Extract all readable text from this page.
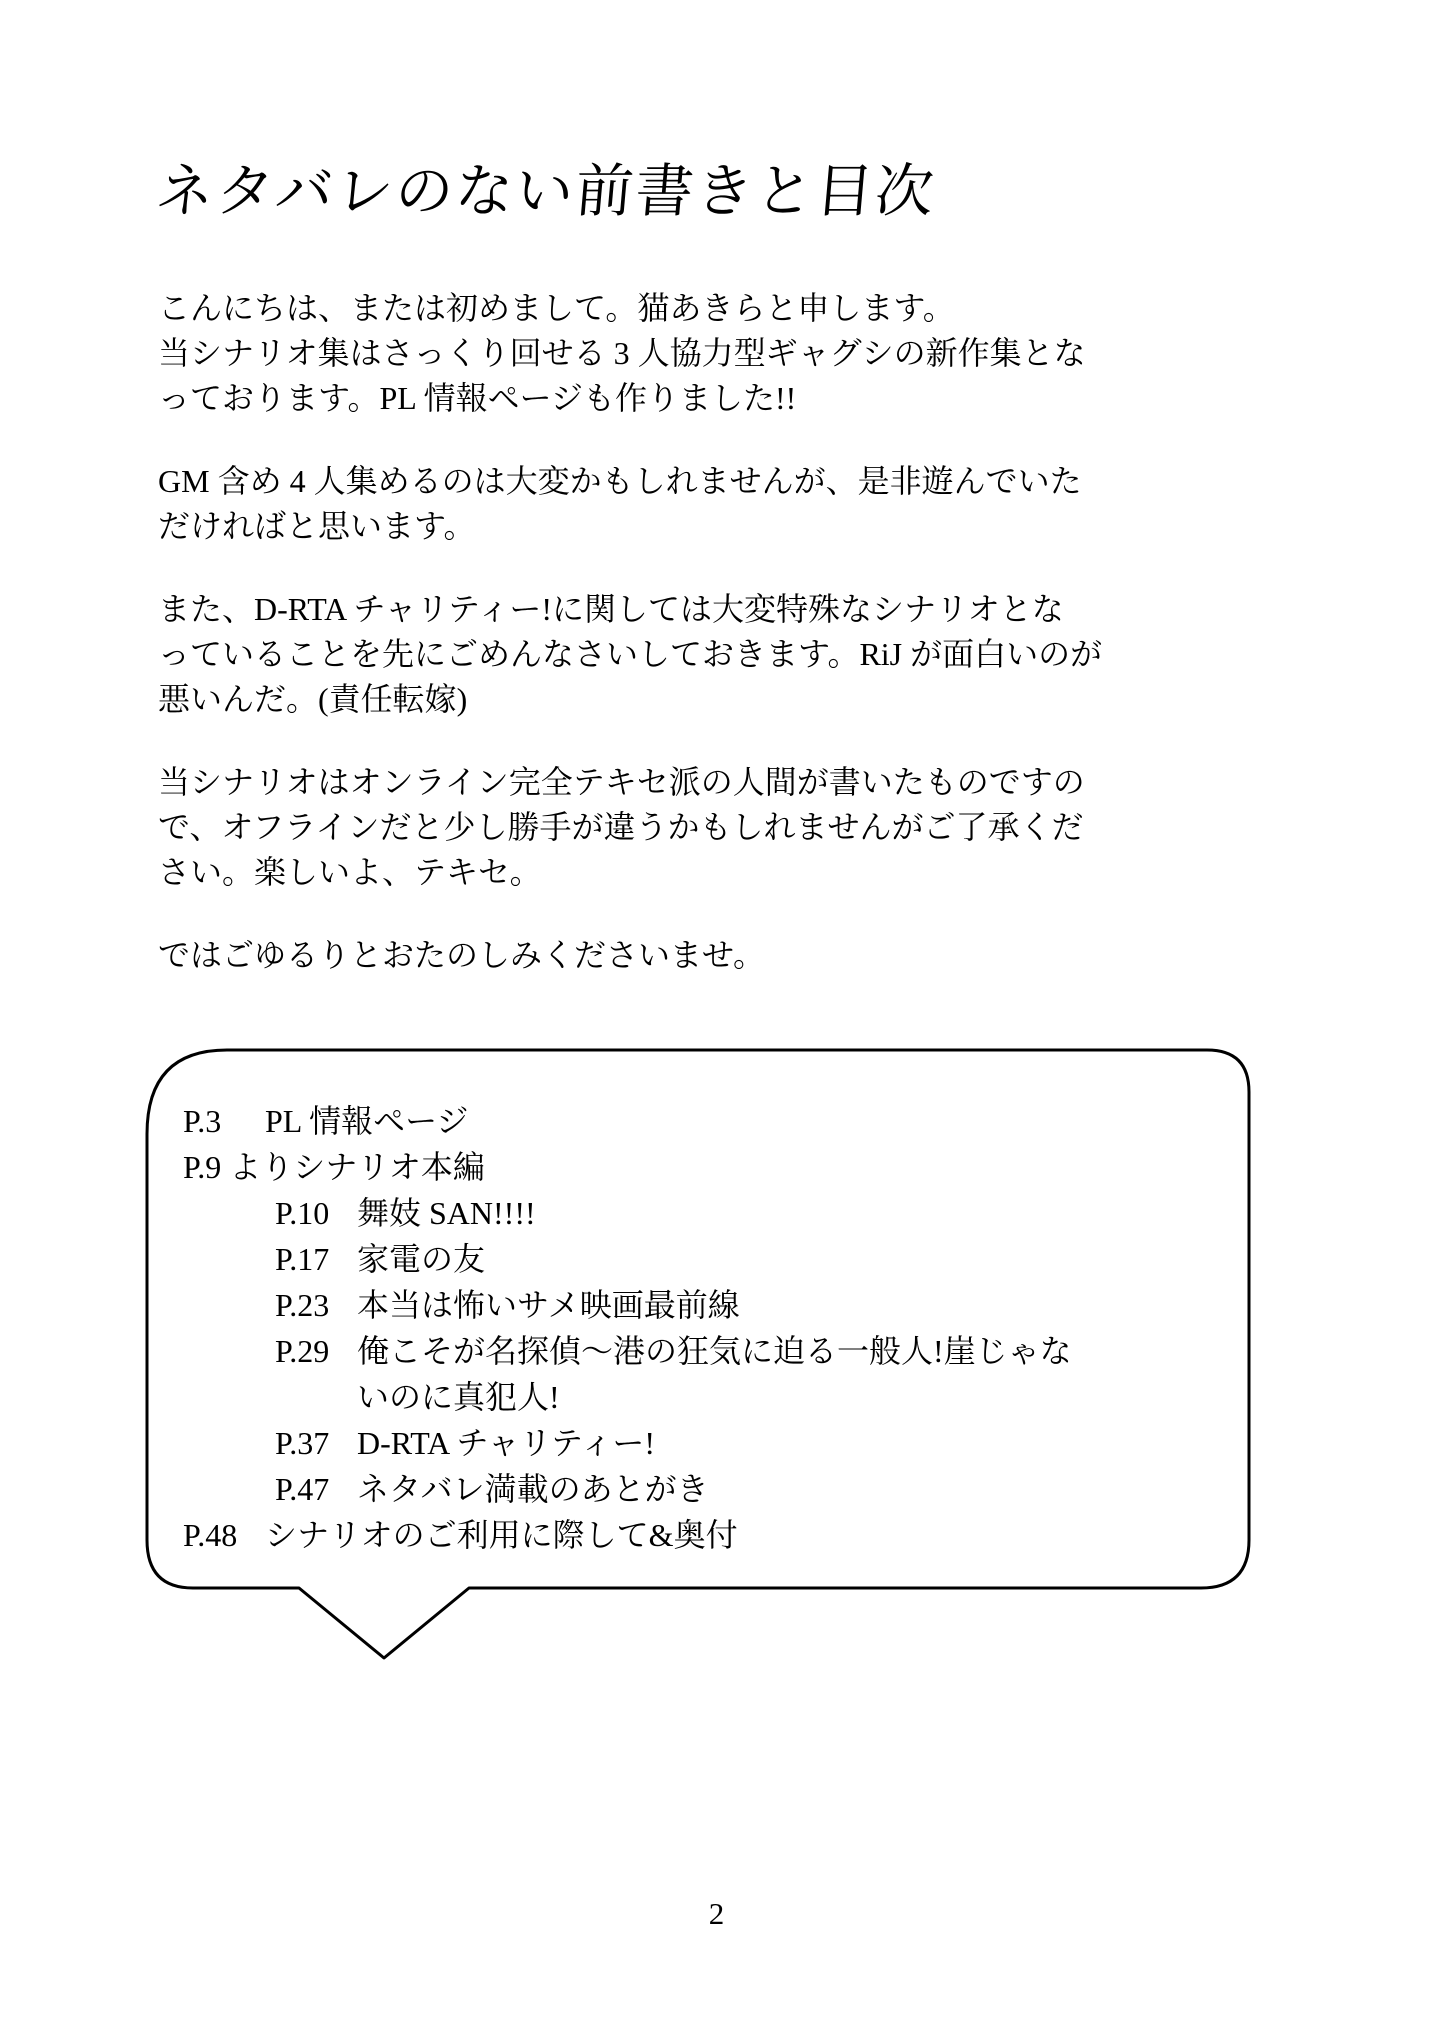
ネタバレのない前書きと目次
こんにちは、または初めまして。猫あきらと申します。
当シナリオ集はさっくり回せる 3 人協力型ギャグシの新作集とな
っております。PL 情報ページも作りました!!
GM 含め 4 人集めるのは大変かもしれませんが、是非遊んでいた
だければと思います。
また、D-RTA チャリティー!に関しては大変特殊なシナリオとな
っていることを先にごめんなさいしておきます。RiJ が面白いのが
悪いんだ。(責任転嫁)
当シナリオはオンライン完全テキセ派の人間が書いたものですの
で、オフラインだと少し勝手が違うかもしれませんがご了承くだ
さい。楽しいよ、テキセ。
ではごゆるりとおたのしみくださいませ。
P.3 PL 情報ページ
P.9 よりシナリオ本編
P.10 舞妓 SAN!!!!
P.17 家電の友
P.23 本当は怖いサメ映画最前線
P.29 俺こそが名探偵〜港の狂気に迫る一般人!崖じゃな
いのに真犯人!
P.37 D-RTA チャリティー!
P.47 ネタバレ満載のあとがき
P.48 シナリオのご利用に際して&奥付
2
